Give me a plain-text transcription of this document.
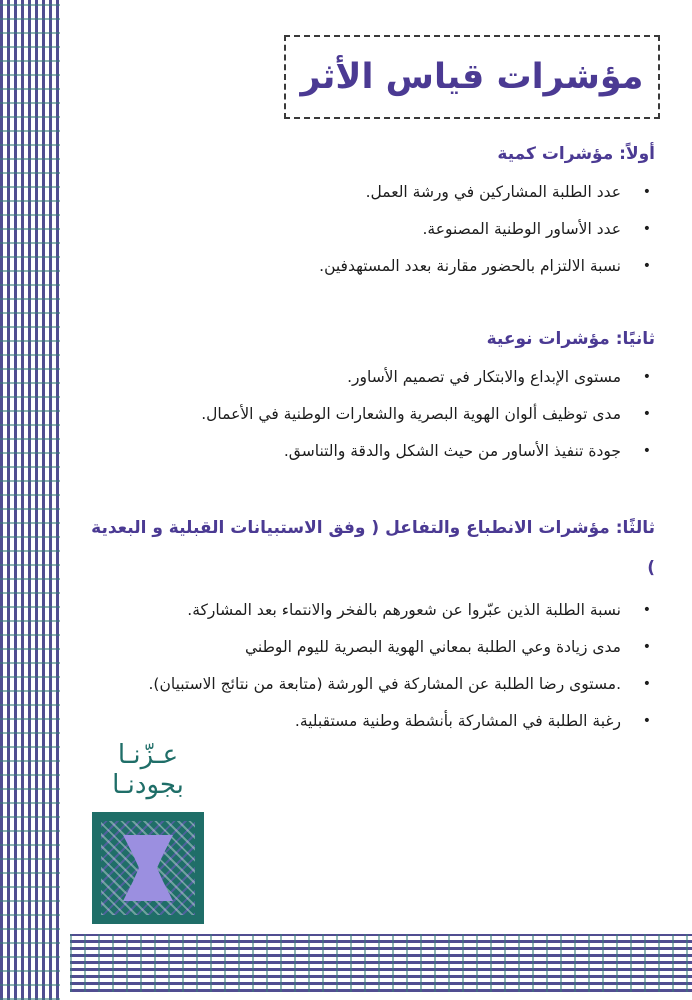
مؤشرات قياس الأثر
أولاً: مؤشرات كمية
• عدد الطلبة المشاركين في ورشة العمل.
• عدد الأساور الوطنية المصنوعة.
• نسبة الالتزام بالحضور مقارنة بعدد المستهدفين.
ثانيًا: مؤشرات نوعية
• مستوى الإبداع والابتكار في تصميم الأساور.
• مدى توظيف ألوان الهوية البصرية والشعارات الوطنية في الأعمال.
• جودة تنفيذ الأساور من حيث الشكل والدقة والتناسق.
ثالثًا: مؤشرات الانطباع والتفاعل ( وفق الاستبيانات القبلية و البعدية )
• نسبة الطلبة الذين عبّروا عن شعورهم بالفخر والانتماء بعد المشاركة.
• مدى زيادة وعي الطلبة بمعاني الهوية البصرية لليوم الوطني
• .مستوى رضا الطلبة عن المشاركة في الورشة (متابعة من نتائج الاستبيان).
• رغبة الطلبة في المشاركة بأنشطة وطنية مستقبلية.
عـزّنـا
بجودنـا
